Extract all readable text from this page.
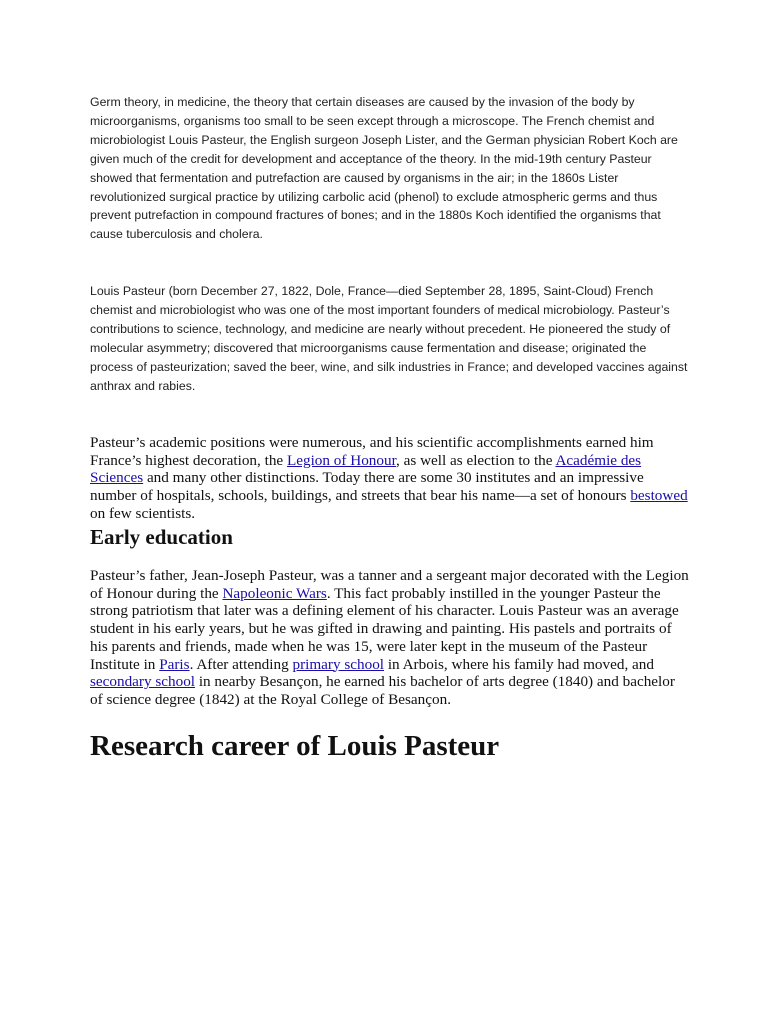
Germ theory, in medicine, the theory that certain diseases are caused by the invasion of the body by microorganisms, organisms too small to be seen except through a microscope. The French chemist and microbiologist Louis Pasteur, the English surgeon Joseph Lister, and the German physician Robert Koch are given much of the credit for development and acceptance of the theory. In the mid-19th century Pasteur showed that fermentation and putrefaction are caused by organisms in the air; in the 1860s Lister revolutionized surgical practice by utilizing carbolic acid (phenol) to exclude atmospheric germs and thus prevent putrefaction in compound fractures of bones; and in the 1880s Koch identified the organisms that cause tuberculosis and cholera.

Louis Pasteur (born December 27, 1822, Dole, France—died September 28, 1895, Saint-Cloud) French chemist and microbiologist who was one of the most important founders of medical microbiology. Pasteur’s contributions to science, technology, and medicine are nearly without precedent. He pioneered the study of molecular asymmetry; discovered that microorganisms cause fermentation and disease; originated the process of pasteurization; saved the beer, wine, and silk industries in France; and developed vaccines against anthrax and rabies.

Pasteur’s academic positions were numerous, and his scientific accomplishments earned him France’s highest decoration, the Legion of Honour, as well as election to the Académie des Sciences and many other distinctions. Today there are some 30 institutes and an impressive number of hospitals, schools, buildings, and streets that bear his name—a set of honours bestowed on few scientists.

Early education

Pasteur’s father, Jean-Joseph Pasteur, was a tanner and a sergeant major decorated with the Legion of Honour during the Napoleonic Wars. This fact probably instilled in the younger Pasteur the strong patriotism that later was a defining element of his character. Louis Pasteur was an average student in his early years, but he was gifted in drawing and painting. His pastels and portraits of his parents and friends, made when he was 15, were later kept in the museum of the Pasteur Institute in Paris. After attending primary school in Arbois, where his family had moved, and secondary school in nearby Besançon, he earned his bachelor of arts degree (1840) and bachelor of science degree (1842) at the Royal College of Besançon.

Research career of Louis Pasteur
